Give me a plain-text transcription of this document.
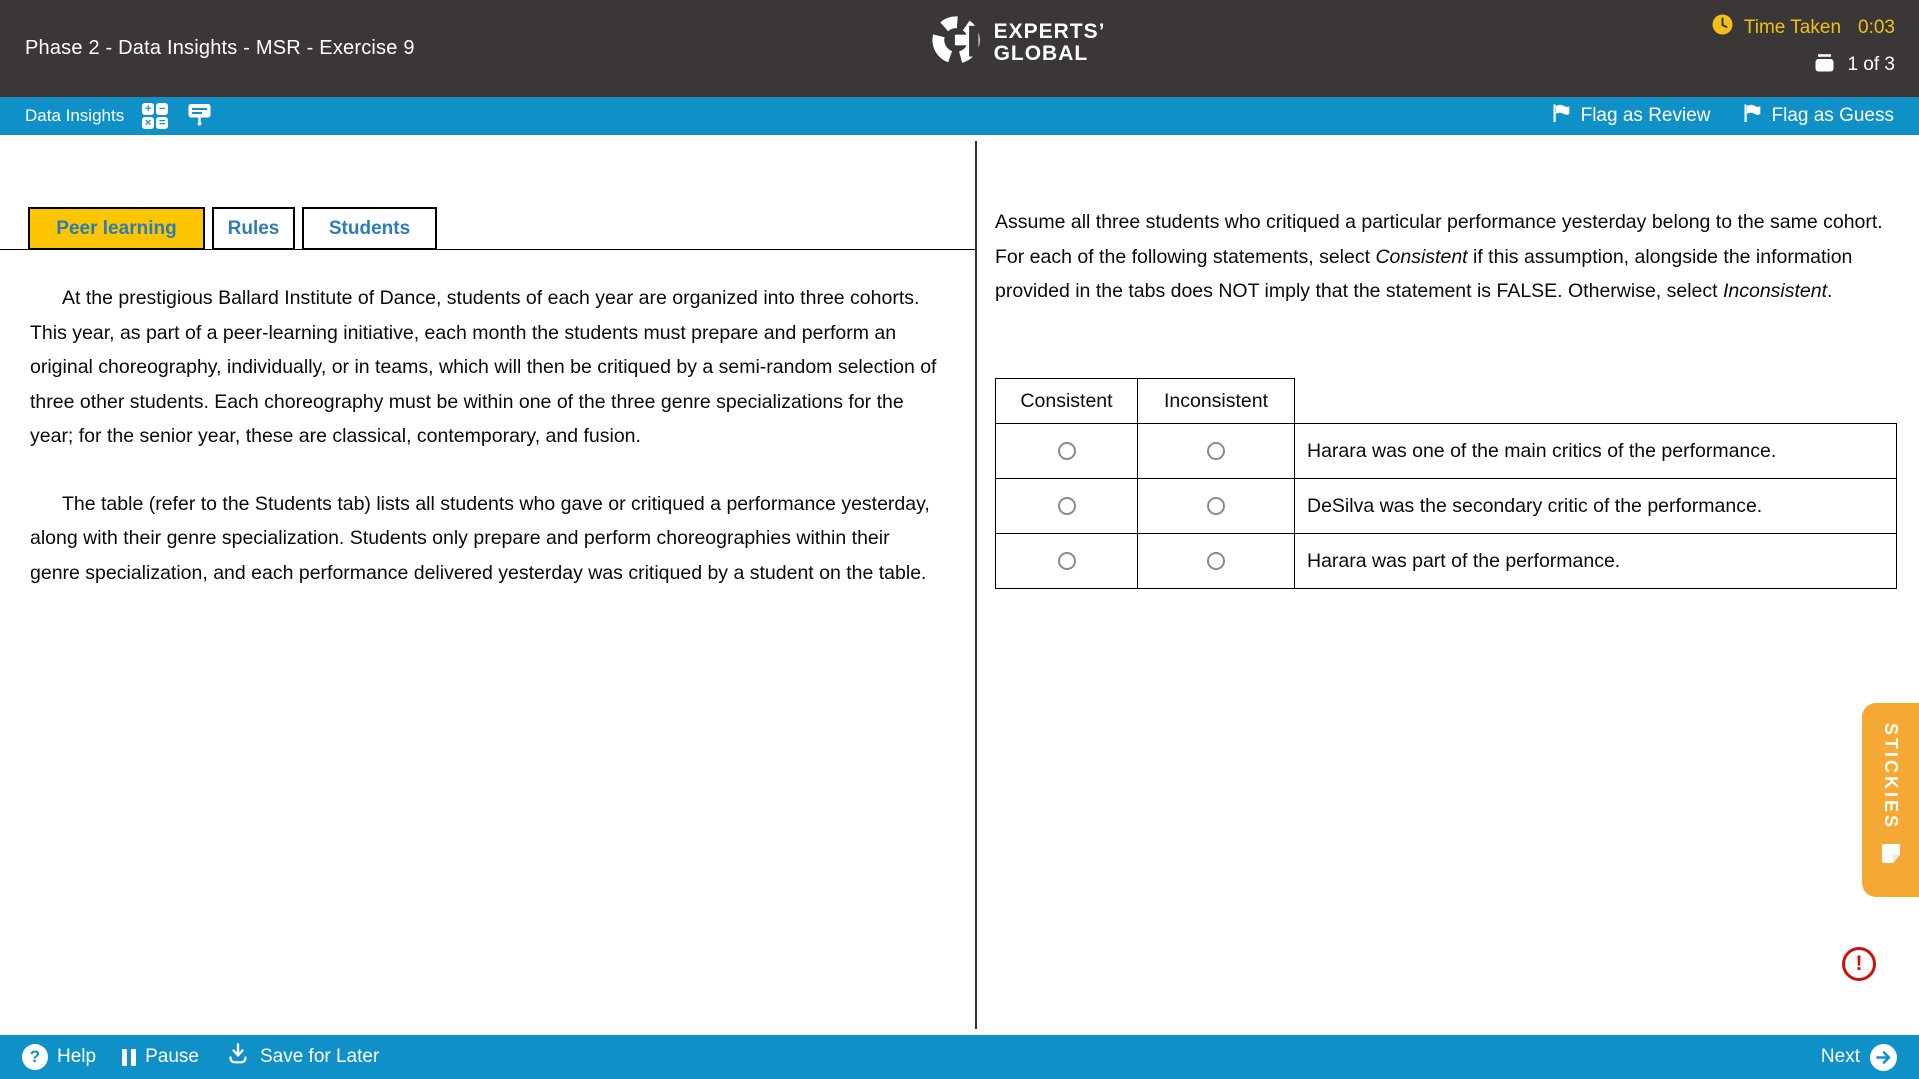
Phase 2 - Data Insights - MSR - Exercise 9
EXPERTS’
GLOBAL
Time Taken 0:03
1 of 3
Data Insights + −
× =	Flag as Review	Flag as Guess
Peer learning	Rules	Students

At the prestigious Ballard Institute of Dance, students of each year are organized into three cohorts. This year, as part of a peer-learning initiative, each month the students must prepare and perform an original choreography, individually, or in teams, which will then be critiqued by a semi-random selection of three other students. Each choreography must be within one of the three genre specializations for the year; for the senior year, these are classical, contemporary, and fusion.

The table (refer to the Students tab) lists all students who gave or critiqued a performance yesterday, along with their genre specialization. Students only prepare and perform choreographies within their genre specialization, and each performance delivered yesterday was critiqued by a student on the table.

Assume all three students who critiqued a particular performance yesterday belong to the same cohort. For each of the following statements, select Consistent if this assumption, alongside the information provided in the tabs does NOT imply that the statement is FALSE. Otherwise, select Inconsistent.
Consistent	Inconsistent	
		Harara was one of the main critics of the performance.
		DeSilva was the secondary critic of the performance.
		Harara was part of the performance.
STICKIES
!
? Help	Pause	Save for Later	Next
